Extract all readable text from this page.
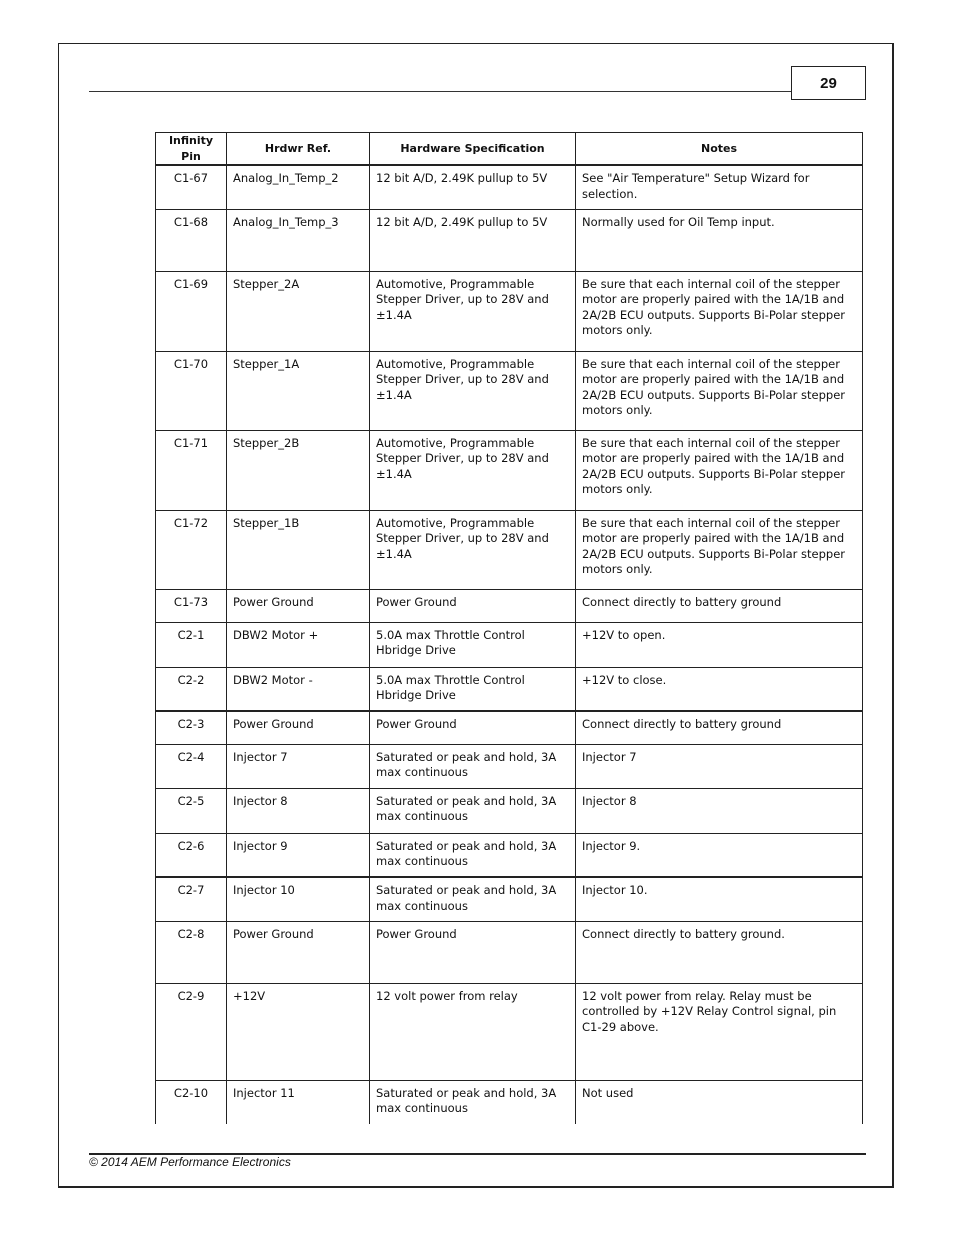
29
Infinity Pin	Hrdwr Ref.	Hardware Specification	Notes
C1-67	Analog_In_Temp_2	12 bit A/D, 2.49K pullup to 5V	See "Air Temperature" Setup Wizard for selection.
C1-68	Analog_In_Temp_3	12 bit A/D, 2.49K pullup to 5V	Normally used for Oil Temp input.
C1-69	Stepper_2A	Automotive, Programmable Stepper Driver, up to 28V and ±1.4A	Be sure that each internal coil of the stepper motor are properly paired with the 1A/1B and 2A/2B ECU outputs. Supports Bi-Polar stepper motors only.
C1-70	Stepper_1A	Automotive, Programmable Stepper Driver, up to 28V and ±1.4A	Be sure that each internal coil of the stepper motor are properly paired with the 1A/1B and 2A/2B ECU outputs. Supports Bi-Polar stepper motors only.
C1-71	Stepper_2B	Automotive, Programmable Stepper Driver, up to 28V and ±1.4A	Be sure that each internal coil of the stepper motor are properly paired with the 1A/1B and 2A/2B ECU outputs. Supports Bi-Polar stepper motors only.
C1-72	Stepper_1B	Automotive, Programmable Stepper Driver, up to 28V and ±1.4A	Be sure that each internal coil of the stepper motor are properly paired with the 1A/1B and 2A/2B ECU outputs. Supports Bi-Polar stepper motors only.
C1-73	Power Ground	Power Ground	Connect directly to battery ground
C2-1	DBW2 Motor +	5.0A max Throttle Control Hbridge Drive	+12V to open.
C2-2	DBW2 Motor -	5.0A max Throttle Control Hbridge Drive	+12V to close.
C2-3	Power Ground	Power Ground	Connect directly to battery ground
C2-4	Injector 7	Saturated or peak and hold, 3A max continuous	Injector 7
C2-5	Injector 8	Saturated or peak and hold, 3A max continuous	Injector 8
C2-6	Injector 9	Saturated or peak and hold, 3A max continuous	Injector 9.
C2-7	Injector 10	Saturated or peak and hold, 3A max continuous	Injector 10.
C2-8	Power Ground	Power Ground	Connect directly to battery ground.
C2-9	+12V	12 volt power from relay	12 volt power from relay. Relay must be controlled by +12V Relay Control signal, pin C1-29 above.
C2-10	Injector 11	Saturated or peak and hold, 3A max continuous	Not used
© 2014 AEM Performance Electronics
